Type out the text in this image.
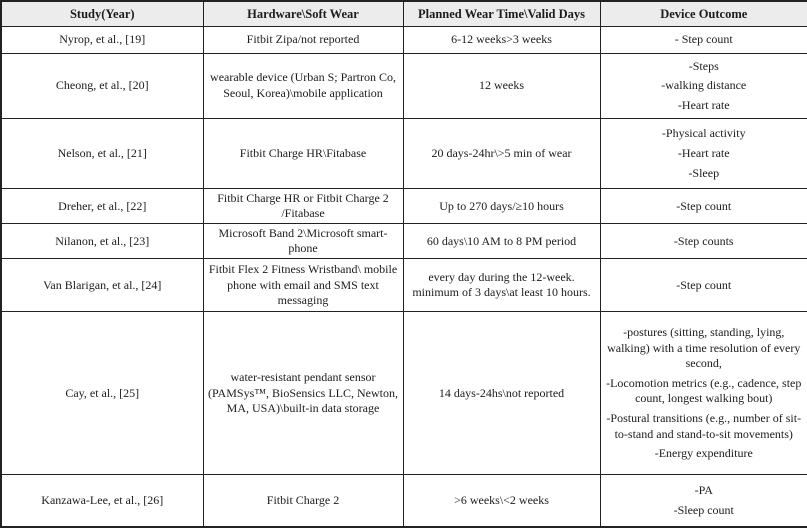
Study(Year)	Hardware\Soft Wear	Planned Wear Time\Valid Days	Device Outcome
Nyrop, et al., [19]	Fitbit Zipa/not reported	6-12 weeks>3 weeks	- Step count

Cheong, et al., [20]	wearable device (Urban S; Partron Co, Seoul, Korea)\mobile application	12 weeks	-Steps
-walking distance
-Heart rate

Nelson, et al., [21]	Fitbit Charge HR\Fitabase	20 days-24hr\>5 min of wear	-Physical activity
-Heart rate
-Sleep

Dreher, et al., [22]	Fitbit Charge HR or Fitbit Charge 2 /Fitabase	Up to 270 days/≥10 hours	-Step count

Nilanon, et al., [23]	Microsoft Band 2\Microsoft smart-phone	60 days\10 AM to 8 PM period	-Step counts

Van Blarigan, et al., [24]	Fitbit Flex 2 Fitness Wristband\ mobile phone with email and SMS text messaging	every day during the 12-week. minimum of 3 days\at least 10 hours.	-Step count

Cay, et al., [25]	water-resistant pendant sensor (PAMSys™, BioSensics LLC, Newton, MA, USA)\built-in data storage	14 days-24hs\not reported	-postures (sitting, standing, lying, walking) with a time resolution of every second,
-Locomotion metrics (e.g., cadence, step count, longest walking bout)
-Postural transitions (e.g., number of sit- to-stand and stand-to-sit movements)
-Energy expenditure

Kanzawa-Lee, et al., [26]	Fitbit Charge 2	>6 weeks\<2 weeks	-PA
-Sleep count
